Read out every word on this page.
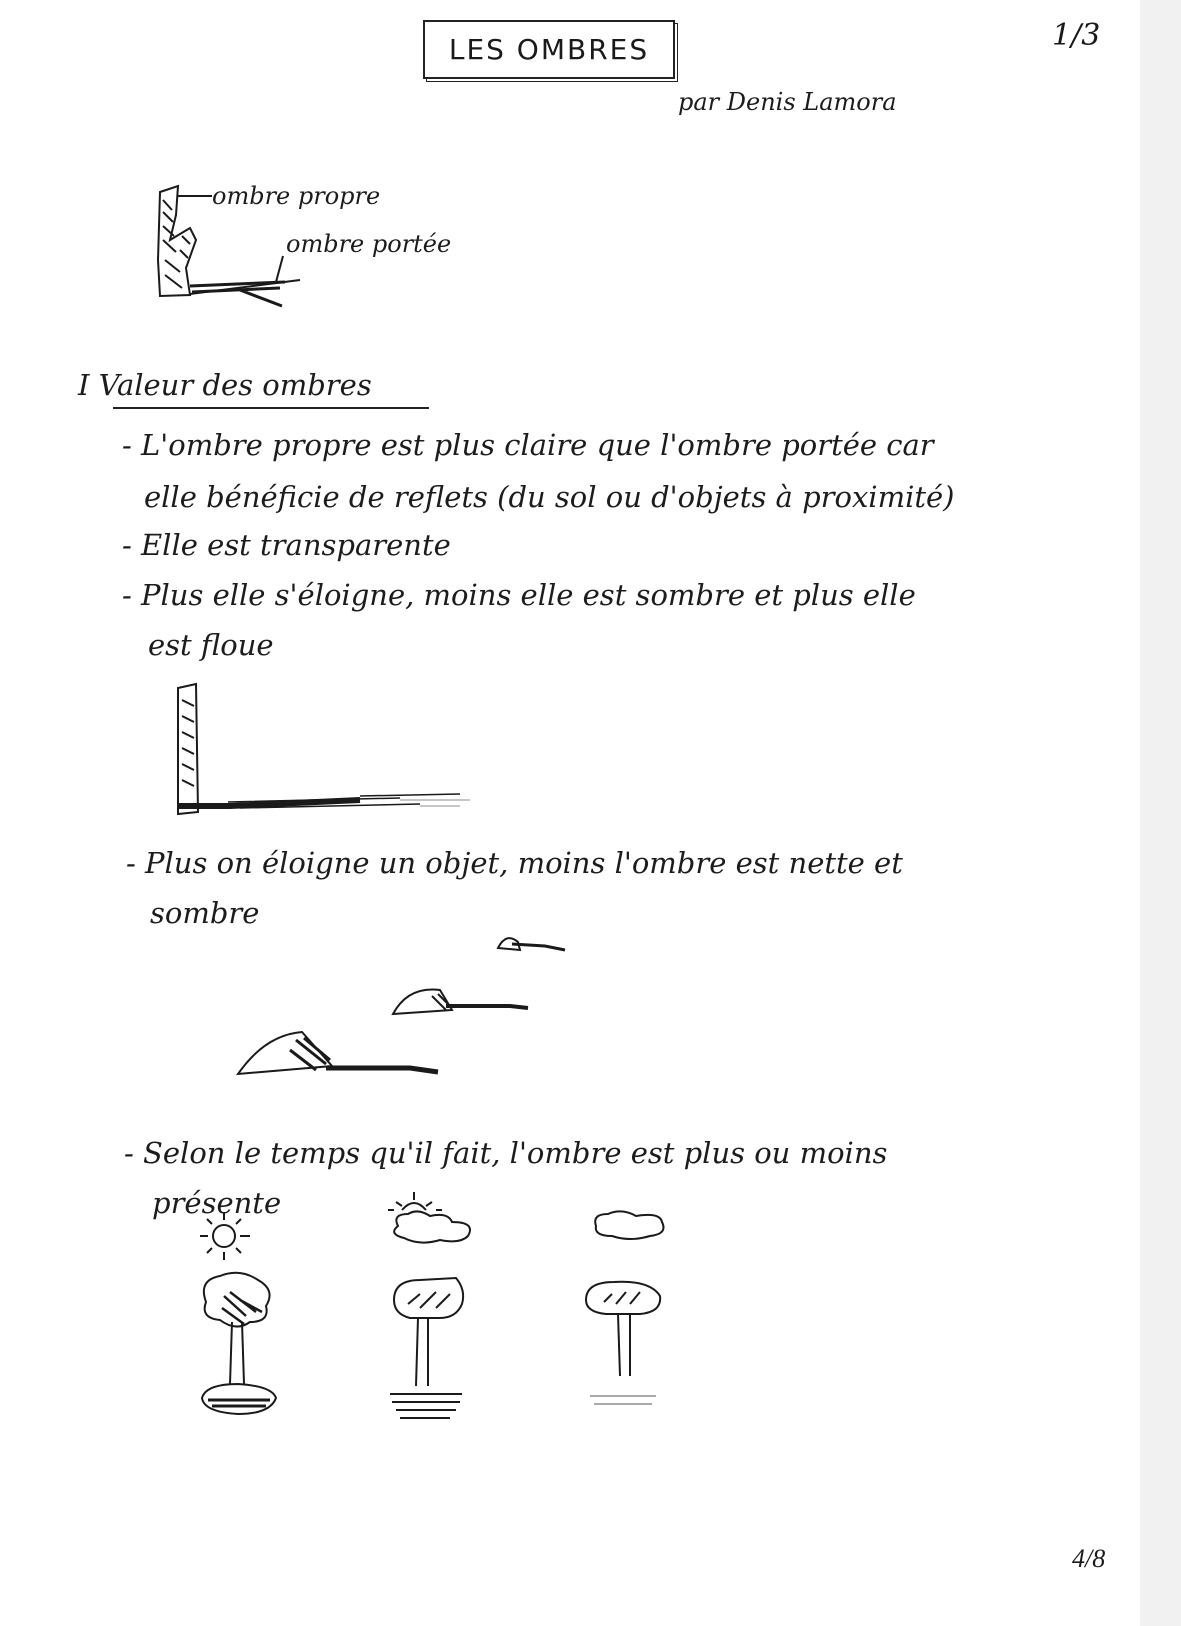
LES OMBRES	1/3
par Denis Lamora
ombre propre
ombre portée
I Valeur des ombres
- L'ombre propre est plus claire que l'ombre portée car
elle bénéficie de reflets (du sol ou d'objets à proximité)
- Elle est transparente
- Plus elle s'éloigne, moins elle est sombre et plus elle
est floue
- Plus on éloigne un objet, moins l'ombre est nette et
sombre
- Selon le temps qu'il fait, l'ombre est plus ou moins
présente
4/8
